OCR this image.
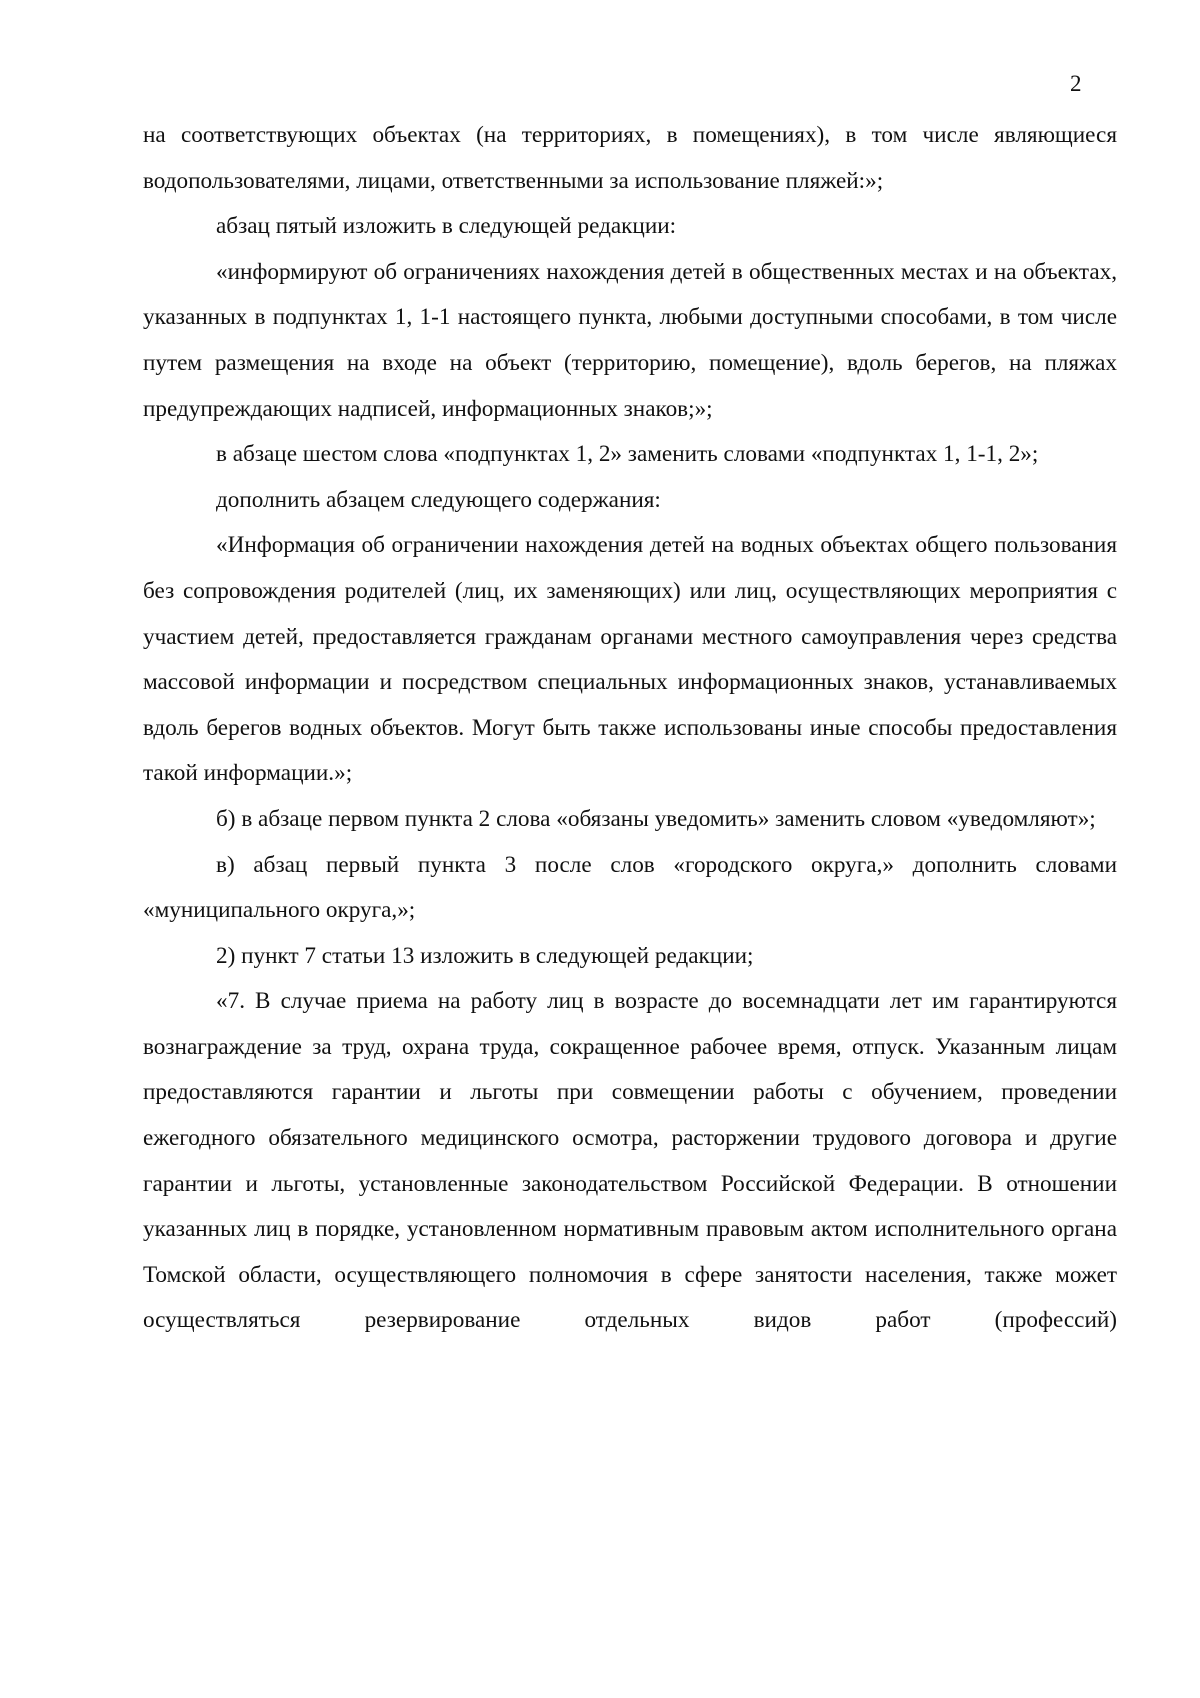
2

на соответствующих объектах (на территориях, в помещениях), в том числе являющиеся водопользователями, лицами, ответственными за использование пляжей:»;

абзац пятый изложить в следующей редакции:

«информируют об ограничениях нахождения детей в общественных местах и на объектах, указанных в подпунктах 1, 1-1 настоящего пункта, любыми доступными способами, в том числе путем размещения на входе на объект (территорию, помещение), вдоль берегов, на пляжах предупреждающих надписей, информационных знаков;»;

в абзаце шестом слова «подпунктах 1, 2» заменить словами «подпунктах 1, 1-1, 2»;

дополнить абзацем следующего содержания:

«Информация об ограничении нахождения детей на водных объектах общего пользования без сопровождения родителей (лиц, их заменяющих) или лиц, осуществляющих мероприятия с участием детей, предоставляется гражданам органами местного самоуправления через средства массовой информации и посредством специальных информационных знаков, устанавливаемых вдоль берегов водных объектов. Могут быть также использованы иные способы предоставления такой информации.»;

б) в абзаце первом пункта 2 слова «обязаны уведомить» заменить словом «уведомляют»;

в) абзац первый пункта 3 после слов «городского округа,» дополнить словами «муниципального округа,»;

2) пункт 7 статьи 13 изложить в следующей редакции;

«7. В случае приема на работу лиц в возрасте до восемнадцати лет им гарантируются вознаграждение за труд, охрана труда, сокращенное рабочее время, отпуск. Указанным лицам предоставляются гарантии и льготы при совмещении работы с обучением, проведении ежегодного обязательного медицинского осмотра, расторжении трудового договора и другие гарантии и льготы, установленные законодательством Российской Федерации. В отношении указанных лиц в порядке, установленном нормативным правовым актом исполнительного органа Томской области, осуществляющего полномочия в сфере занятости населения, также может осуществляться резервирование отдельных видов работ (профессий)
